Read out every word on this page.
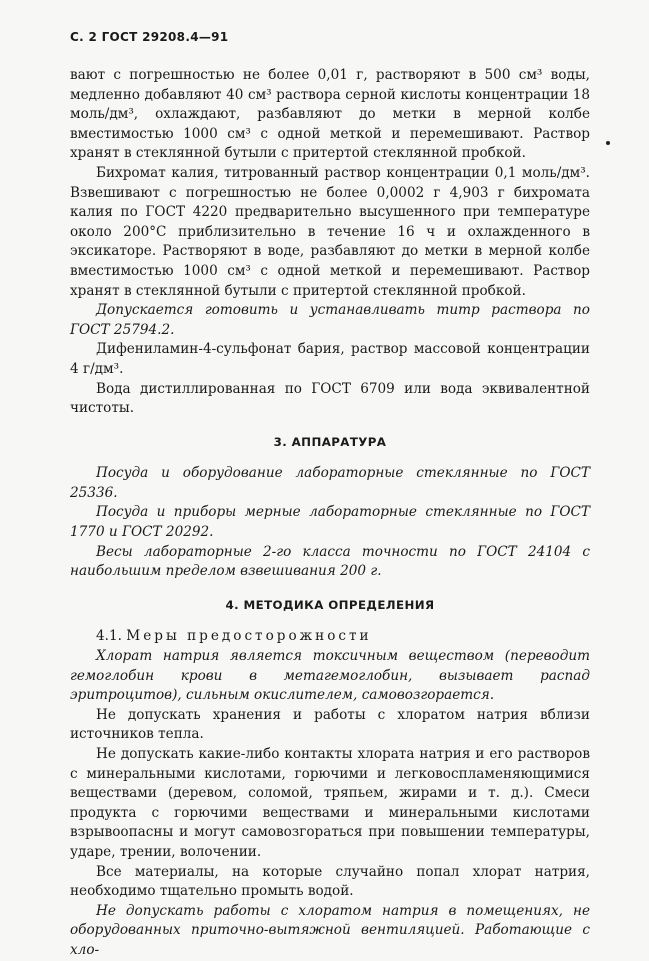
С. 2 ГОСТ 29208.4—91

вают с погрешностью не более 0,01 г, растворяют в 500 см³ воды, медленно добавляют 40 см³ раствора серной кислоты концентрации 18 моль/дм³, охлаждают, разбавляют до метки в мерной колбе вместимостью 1000 см³ с одной меткой и перемешивают. Раствор хранят в стеклянной бутыли с притертой стеклянной пробкой.

Бихромат калия, титрованный раствор концентрации 0,1 моль/дм³. Взвешивают с погрешностью не более 0,0002 г 4,903 г бихромата калия по ГОСТ 4220 предварительно высушенного при температуре около 200°С приблизительно в течение 16 ч и охлажденного в эксикаторе. Растворяют в воде, разбавляют до метки в мерной колбе вместимостью 1000 см³ с одной меткой и перемешивают. Раствор хранят в стеклянной бутыли с притертой стеклянной пробкой.

Допускается готовить и устанавливать титр раствора по ГОСТ 25794.2.

Дифениламин-4-сульфонат бария, раствор массовой концентрации 4 г/дм³.

Вода дистиллированная по ГОСТ 6709 или вода эквивалентной чистоты.

3. АППАРАТУРА

Посуда и оборудование лабораторные стеклянные по ГОСТ 25336.

Посуда и приборы мерные лабораторные стеклянные по ГОСТ 1770 и ГОСТ 20292.

Весы лабораторные 2-го класса точности по ГОСТ 24104 с наибольшим пределом взвешивания 200 г.

4. МЕТОДИКА ОПРЕДЕЛЕНИЯ

4.1. Меры предосторожности

Хлорат натрия является токсичным веществом (переводит гемоглобин крови в метагемоглобин, вызывает распад эритроцитов), сильным окислителем, самовозгорается.

Не допускать хранения и работы с хлоратом натрия вблизи источников тепла.

Не допускать какие-либо контакты хлората натрия и его растворов с минеральными кислотами, горючими и легковоспламеняющимися веществами (деревом, соломой, тряпьем, жирами и т. д.). Смеси продукта с горючими веществами и минеральными кислотами взрывоопасны и могут самовозгораться при повышении температуры, ударе, трении, волочении.

Все материалы, на которые случайно попал хлорат натрия, необходимо тщательно промыть водой.

Не допускать работы с хлоратом натрия в помещениях, не оборудованных приточно-вытяжной вентиляцией. Работающие с хло-
